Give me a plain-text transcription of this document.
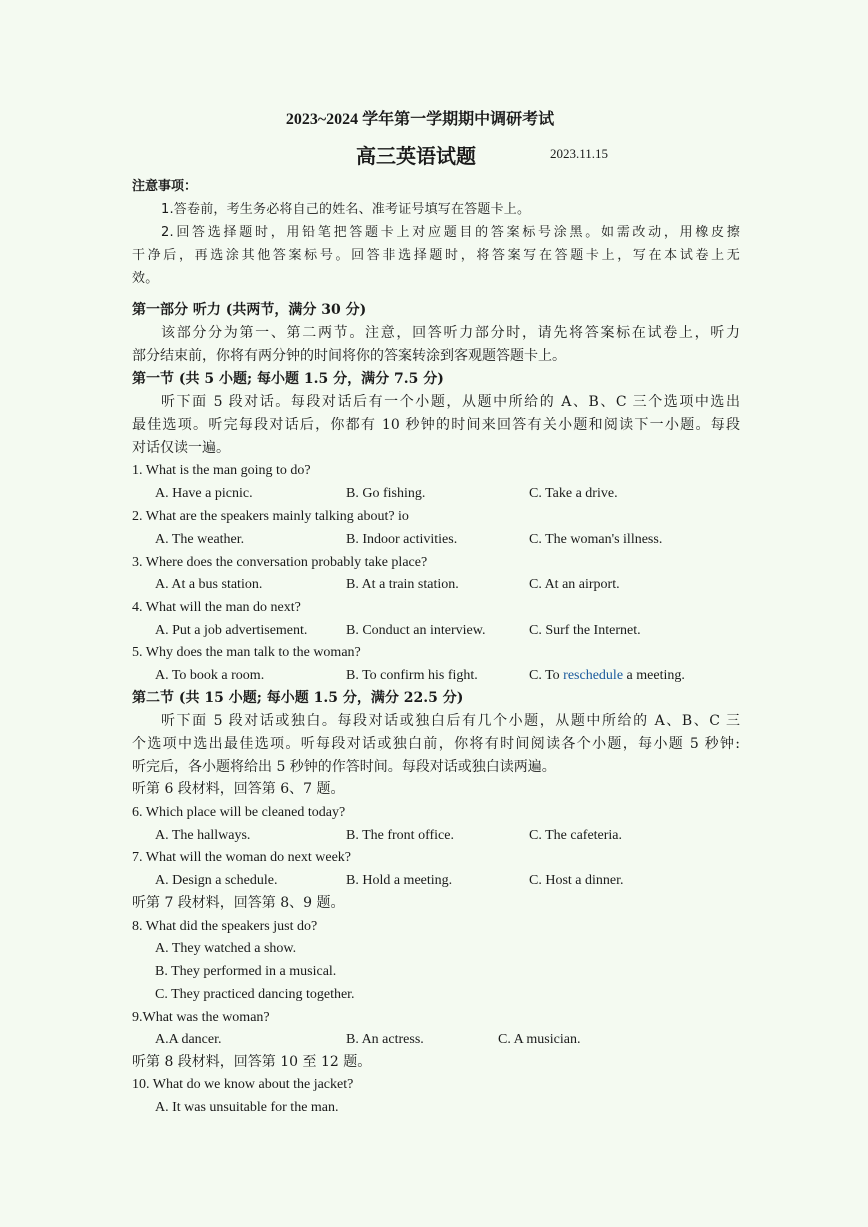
2023~2024 学年第一学期期中调研考试
高三英语试题	2023.11.15
注意事项：
1.答卷前，考生务必将自己的姓名、准考证号填写在答题卡上。
2.回答选择题时，用铅笔把答题卡上对应题目的答案标号涂黑。如需改动，用橡皮擦
干净后，再选涂其他答案标号。回答非选择题时，将答案写在答题卡上，写在本试卷上无
效。
第一部分 听力 (共两节，满分 30 分)
该部分分为第一、第二两节。注意，回答听力部分时，请先将答案标在试卷上，听力
部分结束前，你将有两分钟的时间将你的答案转涂到客观题答题卡上。
第一节 (共 5 小题; 每小题 1.5 分，满分 7.5 分)
听下面 5 段对话。每段对话后有一个小题，从题中所给的 A、B、C 三个选项中选出
最佳选项。听完每段对话后，你都有 10 秒钟的时间来回答有关小题和阅读下一小题。每段
对话仅读一遍。
1. What is the man going to do?
A. Have a picnic.	B. Go fishing.	C. Take a drive.
2. What are the speakers mainly talking about? io
A. The weather.	B. Indoor activities.	C. The woman's illness.
3. Where does the conversation probably take place?
A. At a bus station.	B. At a train station.	C. At an airport.
4. What will the man do next?
A. Put a job advertisement.	B. Conduct an interview.	C. Surf the Internet.
5. Why does the man talk to the woman?
A. To book a room.	B. To confirm his fight.	C. To reschedule a meeting.
第二节 (共 15 小题; 每小题 1.5 分，满分 22.5 分)
听下面 5 段对话或独白。每段对话或独白后有几个小题，从题中所给的 A、B、C 三
个选项中选出最佳选项。听每段对话或独白前，你将有时间阅读各个小题，每小题 5 秒钟:
听完后，各小题将给出 5 秒钟的作答时间。每段对话或独白读两遍。
听第 6 段材料，回答第 6、7 题。
6. Which place will be cleaned today?
A. The hallways.	B. The front office.	C. The cafeteria.
7. What will the woman do next week?
A. Design a schedule.	B. Hold a meeting.	C. Host a dinner.
听第 7 段材料，回答第 8、9 题。
8. What did the speakers just do?
A. They watched a show.
B. They performed in a musical.
C. They practiced dancing together.
9.What was the woman?
A.A dancer.	B. An actress.	C. A musician.
听第 8 段材料，回答第 10 至 12 题。
10. What do we know about the jacket?
A. It was unsuitable for the man.
